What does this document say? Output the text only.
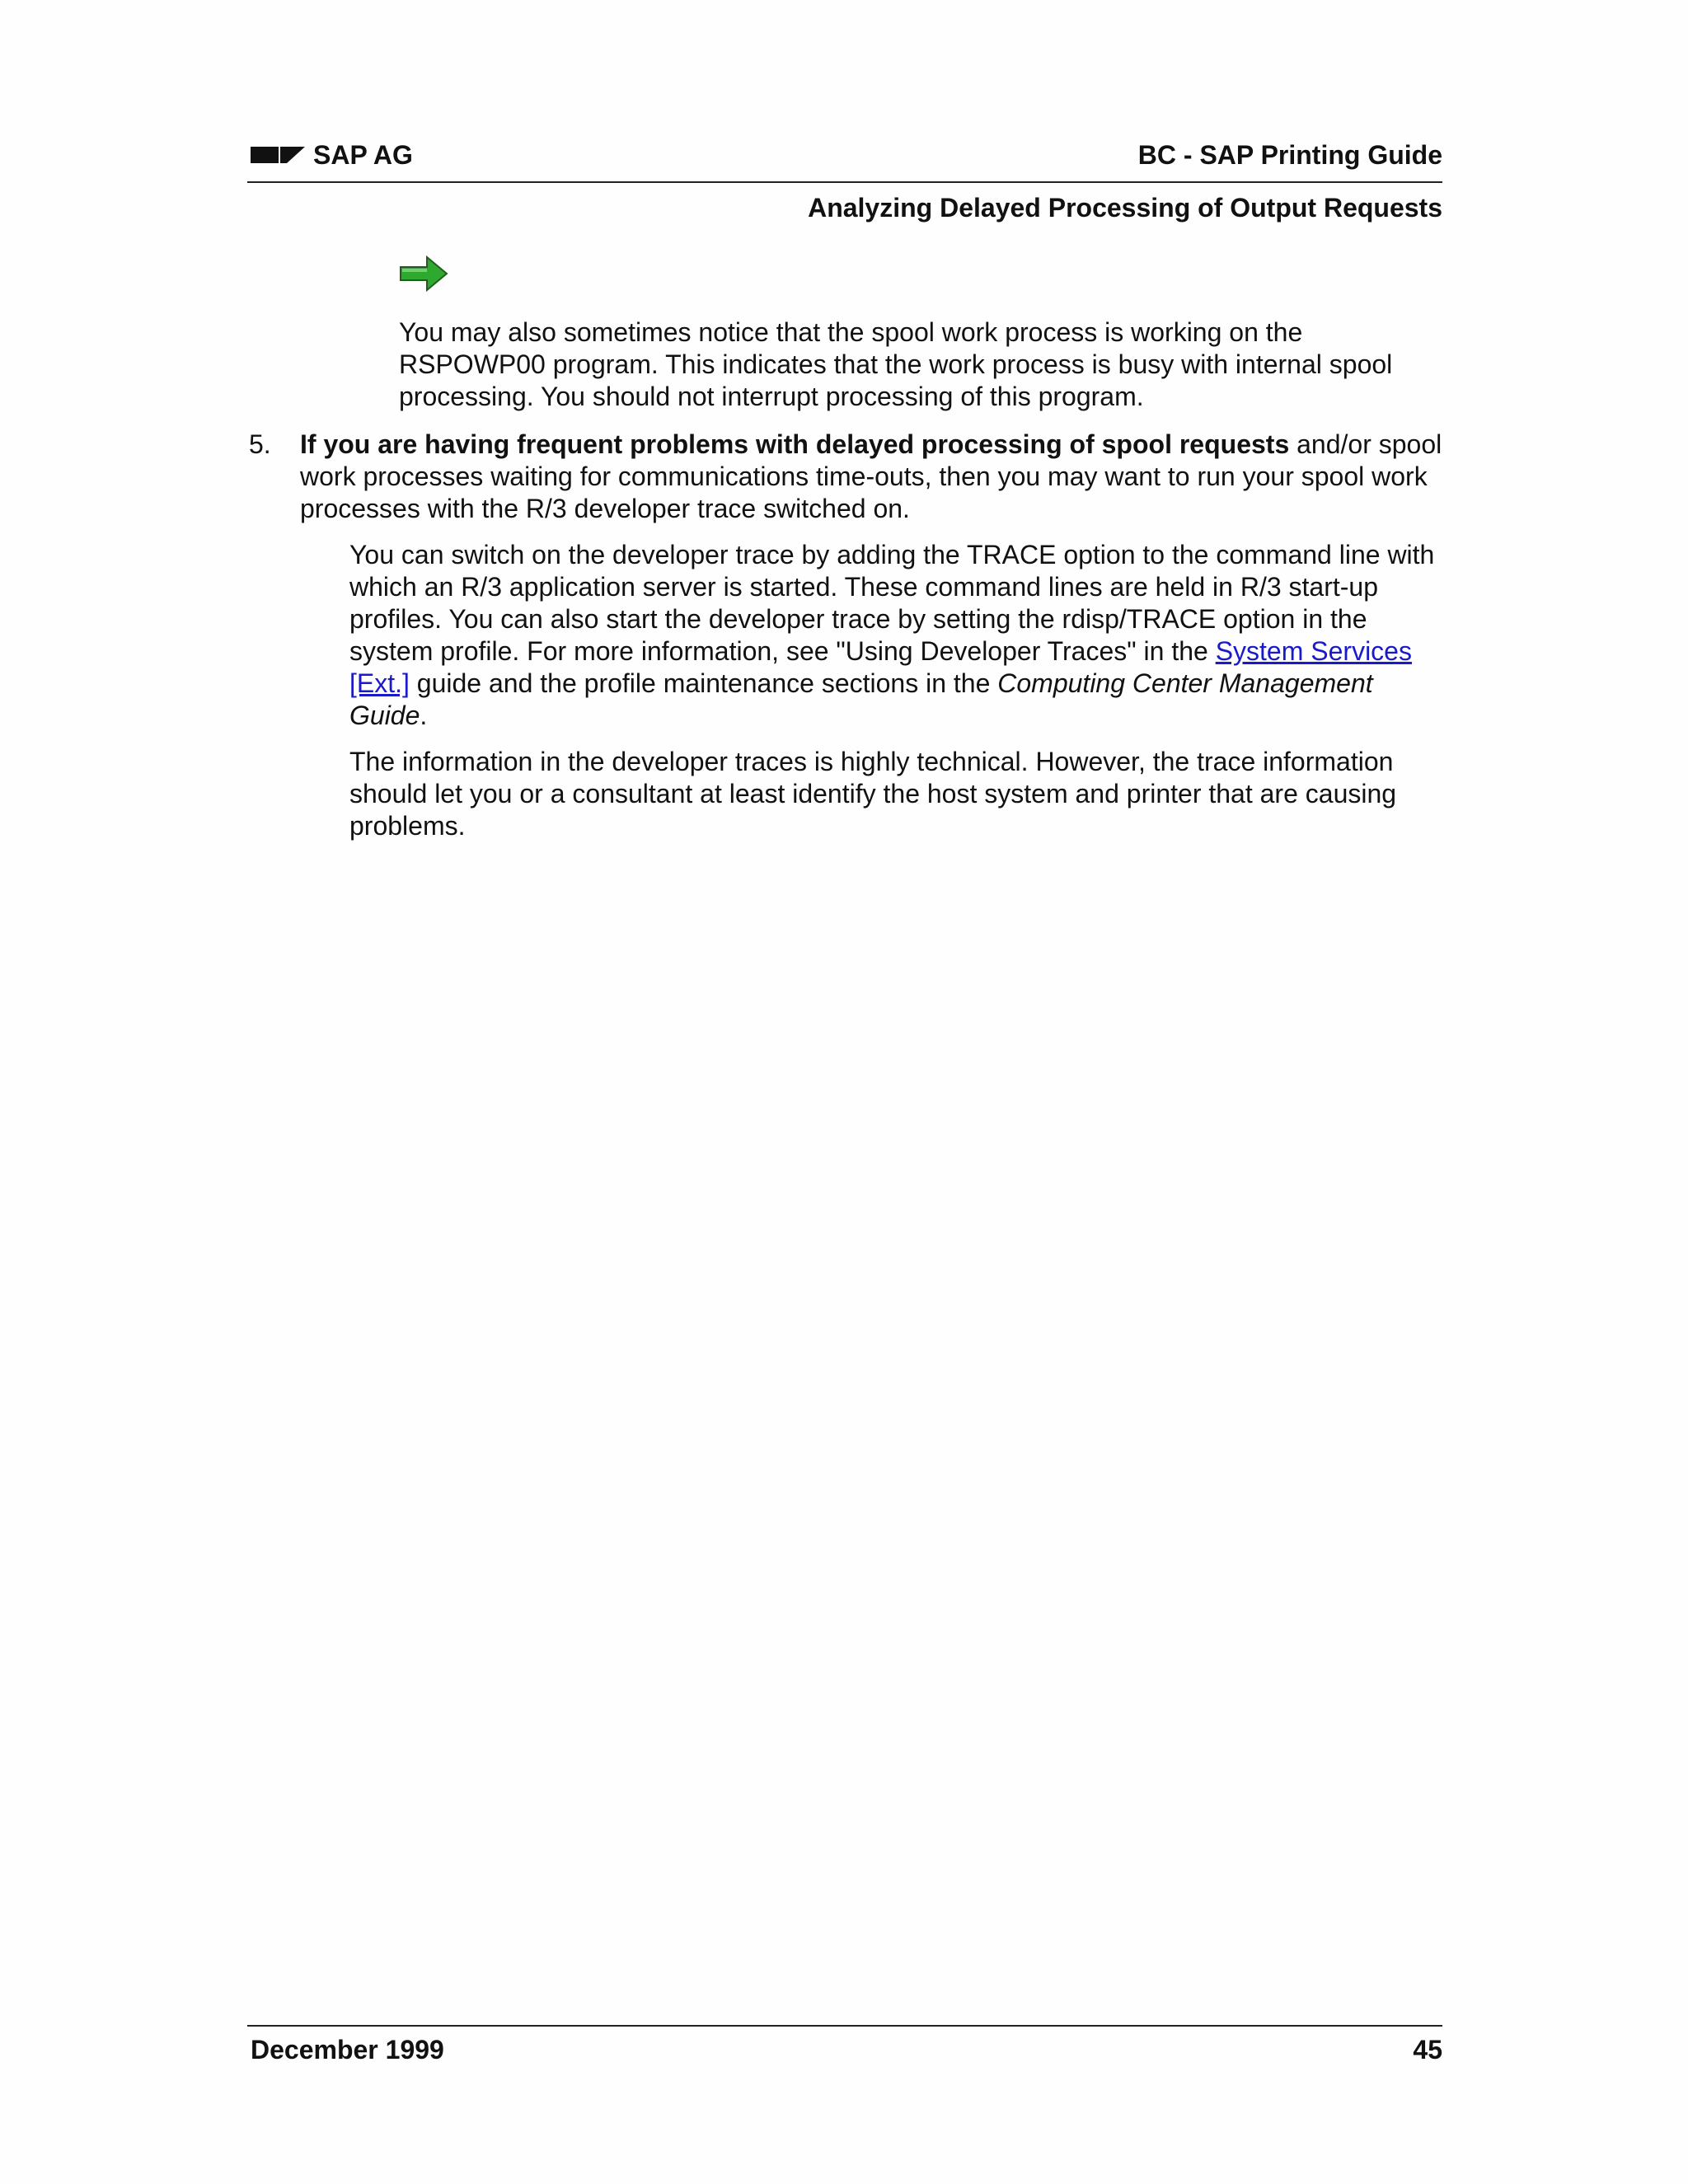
SAP AG	BC - SAP Printing Guide
Analyzing Delayed Processing of Output Requests
You may also sometimes notice that the spool work process is working on the RSPOWP00 program. This indicates that the work process is busy with internal spool processing. You should not interrupt processing of this program.
5. If you are having frequent problems with delayed processing of spool requests and/or spool work processes waiting for communications time-outs, then you may want to run your spool work processes with the R/3 developer trace switched on.
You can switch on the developer trace by adding the TRACE option to the command line with which an R/3 application server is started. These command lines are held in R/3 start-up profiles. You can also start the developer trace by setting the rdisp/TRACE option in the system profile. For more information, see "Using Developer Traces" in the System Services [Ext.] guide and the profile maintenance sections in the Computing Center Management Guide.
The information in the developer traces is highly technical. However, the trace information should let you or a consultant at least identify the host system and printer that are causing problems.
December 1999	45
